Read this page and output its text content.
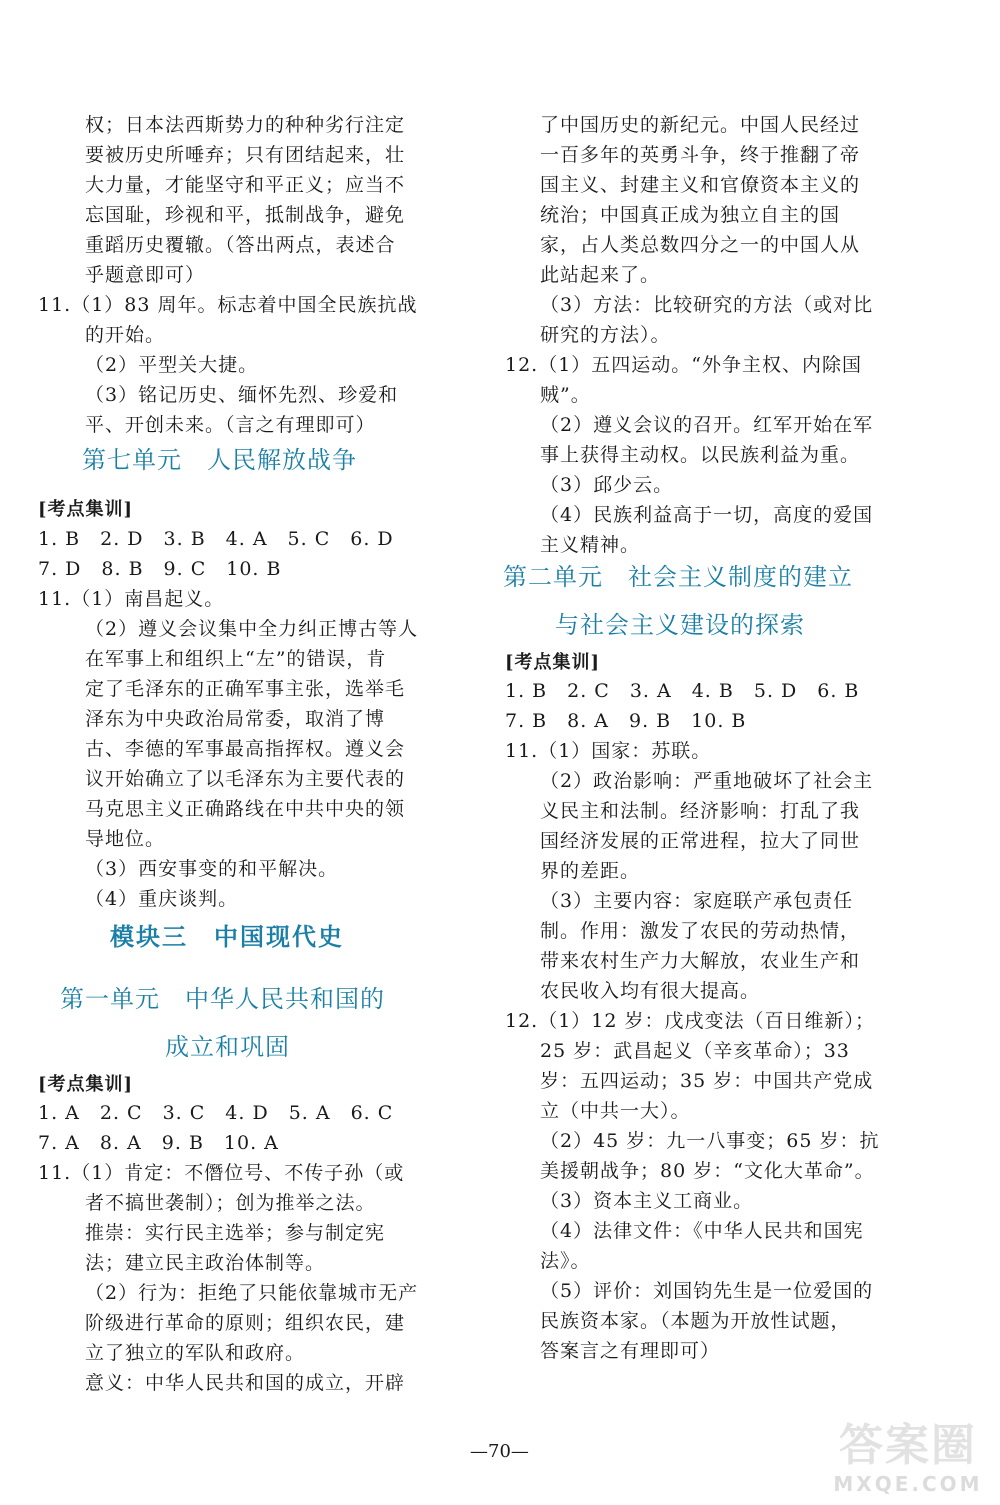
权；日本法西斯势力的种种劣行注定
要被历史所唾弃；只有团结起来，壮
大力量，才能坚守和平正义；应当不
忘国耻，珍视和平，抵制战争，避免
重蹈历史覆辙。（答出两点，表述合
乎题意即可）
11.（1）83 周年。标志着中国全民族抗战
的开始。
（2）平型关大捷。
（3）铭记历史、缅怀先烈、珍爱和
平、开创未来。（言之有理即可）
第七单元　人民解放战争
[考点集训]
1. B　2. D　3. B　4. A　5. C　6. D
7. D　8. B　9. C　10. B
11.（1）南昌起义。
（2）遵义会议集中全力纠正博古等人
在军事上和组织上“左”的错误，肯
定了毛泽东的正确军事主张，选举毛
泽东为中央政治局常委，取消了博
古、李德的军事最高指挥权。遵义会
议开始确立了以毛泽东为主要代表的
马克思主义正确路线在中共中央的领
导地位。
（3）西安事变的和平解决。
（4）重庆谈判。
模块三　中国现代史
第一单元　中华人民共和国的
成立和巩固
[考点集训]
1. A　2. C　3. C　4. D　5. A　6. C
7. A　8. A　9. B　10. A
11.（1）肯定：不僭位号、不传子孙（或
者不搞世袭制）；创为推举之法。
推崇：实行民主选举；参与制定宪
法；建立民主政治体制等。
（2）行为：拒绝了只能依靠城市无产
阶级进行革命的原则；组织农民，建
立了独立的军队和政府。
意义：中华人民共和国的成立，开辟
了中国历史的新纪元。中国人民经过
一百多年的英勇斗争，终于推翻了帝
国主义、封建主义和官僚资本主义的
统治；中国真正成为独立自主的国
家，占人类总数四分之一的中国人从
此站起来了。
（3）方法：比较研究的方法（或对比
研究的方法）。
12.（1）五四运动。“外争主权、内除国
贼”。
（2）遵义会议的召开。红军开始在军
事上获得主动权。以民族利益为重。
（3）邱少云。
（4）民族利益高于一切，高度的爱国
主义精神。
第二单元　社会主义制度的建立
与社会主义建设的探索
[考点集训]
1. B　2. C　3. A　4. B　5. D　6. B
7. B　8. A　9. B　10. B
11.（1）国家：苏联。
（2）政治影响：严重地破坏了社会主
义民主和法制。经济影响：打乱了我
国经济发展的正常进程，拉大了同世
界的差距。
（3）主要内容：家庭联产承包责任
制。作用：激发了农民的劳动热情，
带来农村生产力大解放，农业生产和
农民收入均有很大提高。
12.（1）12 岁：戊戌变法（百日维新）；
25 岁：武昌起义（辛亥革命）；33
岁：五四运动；35 岁：中国共产党成
立（中共一大）。
（2）45 岁：九一八事变；65 岁：抗
美援朝战争；80 岁：“文化大革命”。
（3）资本主义工商业。
（4）法律文件：《中华人民共和国宪
法》。
（5）评价：刘国钧先生是一位爱国的
民族资本家。（本题为开放性试题，
答案言之有理即可）
—70—	答案圈
MXQE.COM
